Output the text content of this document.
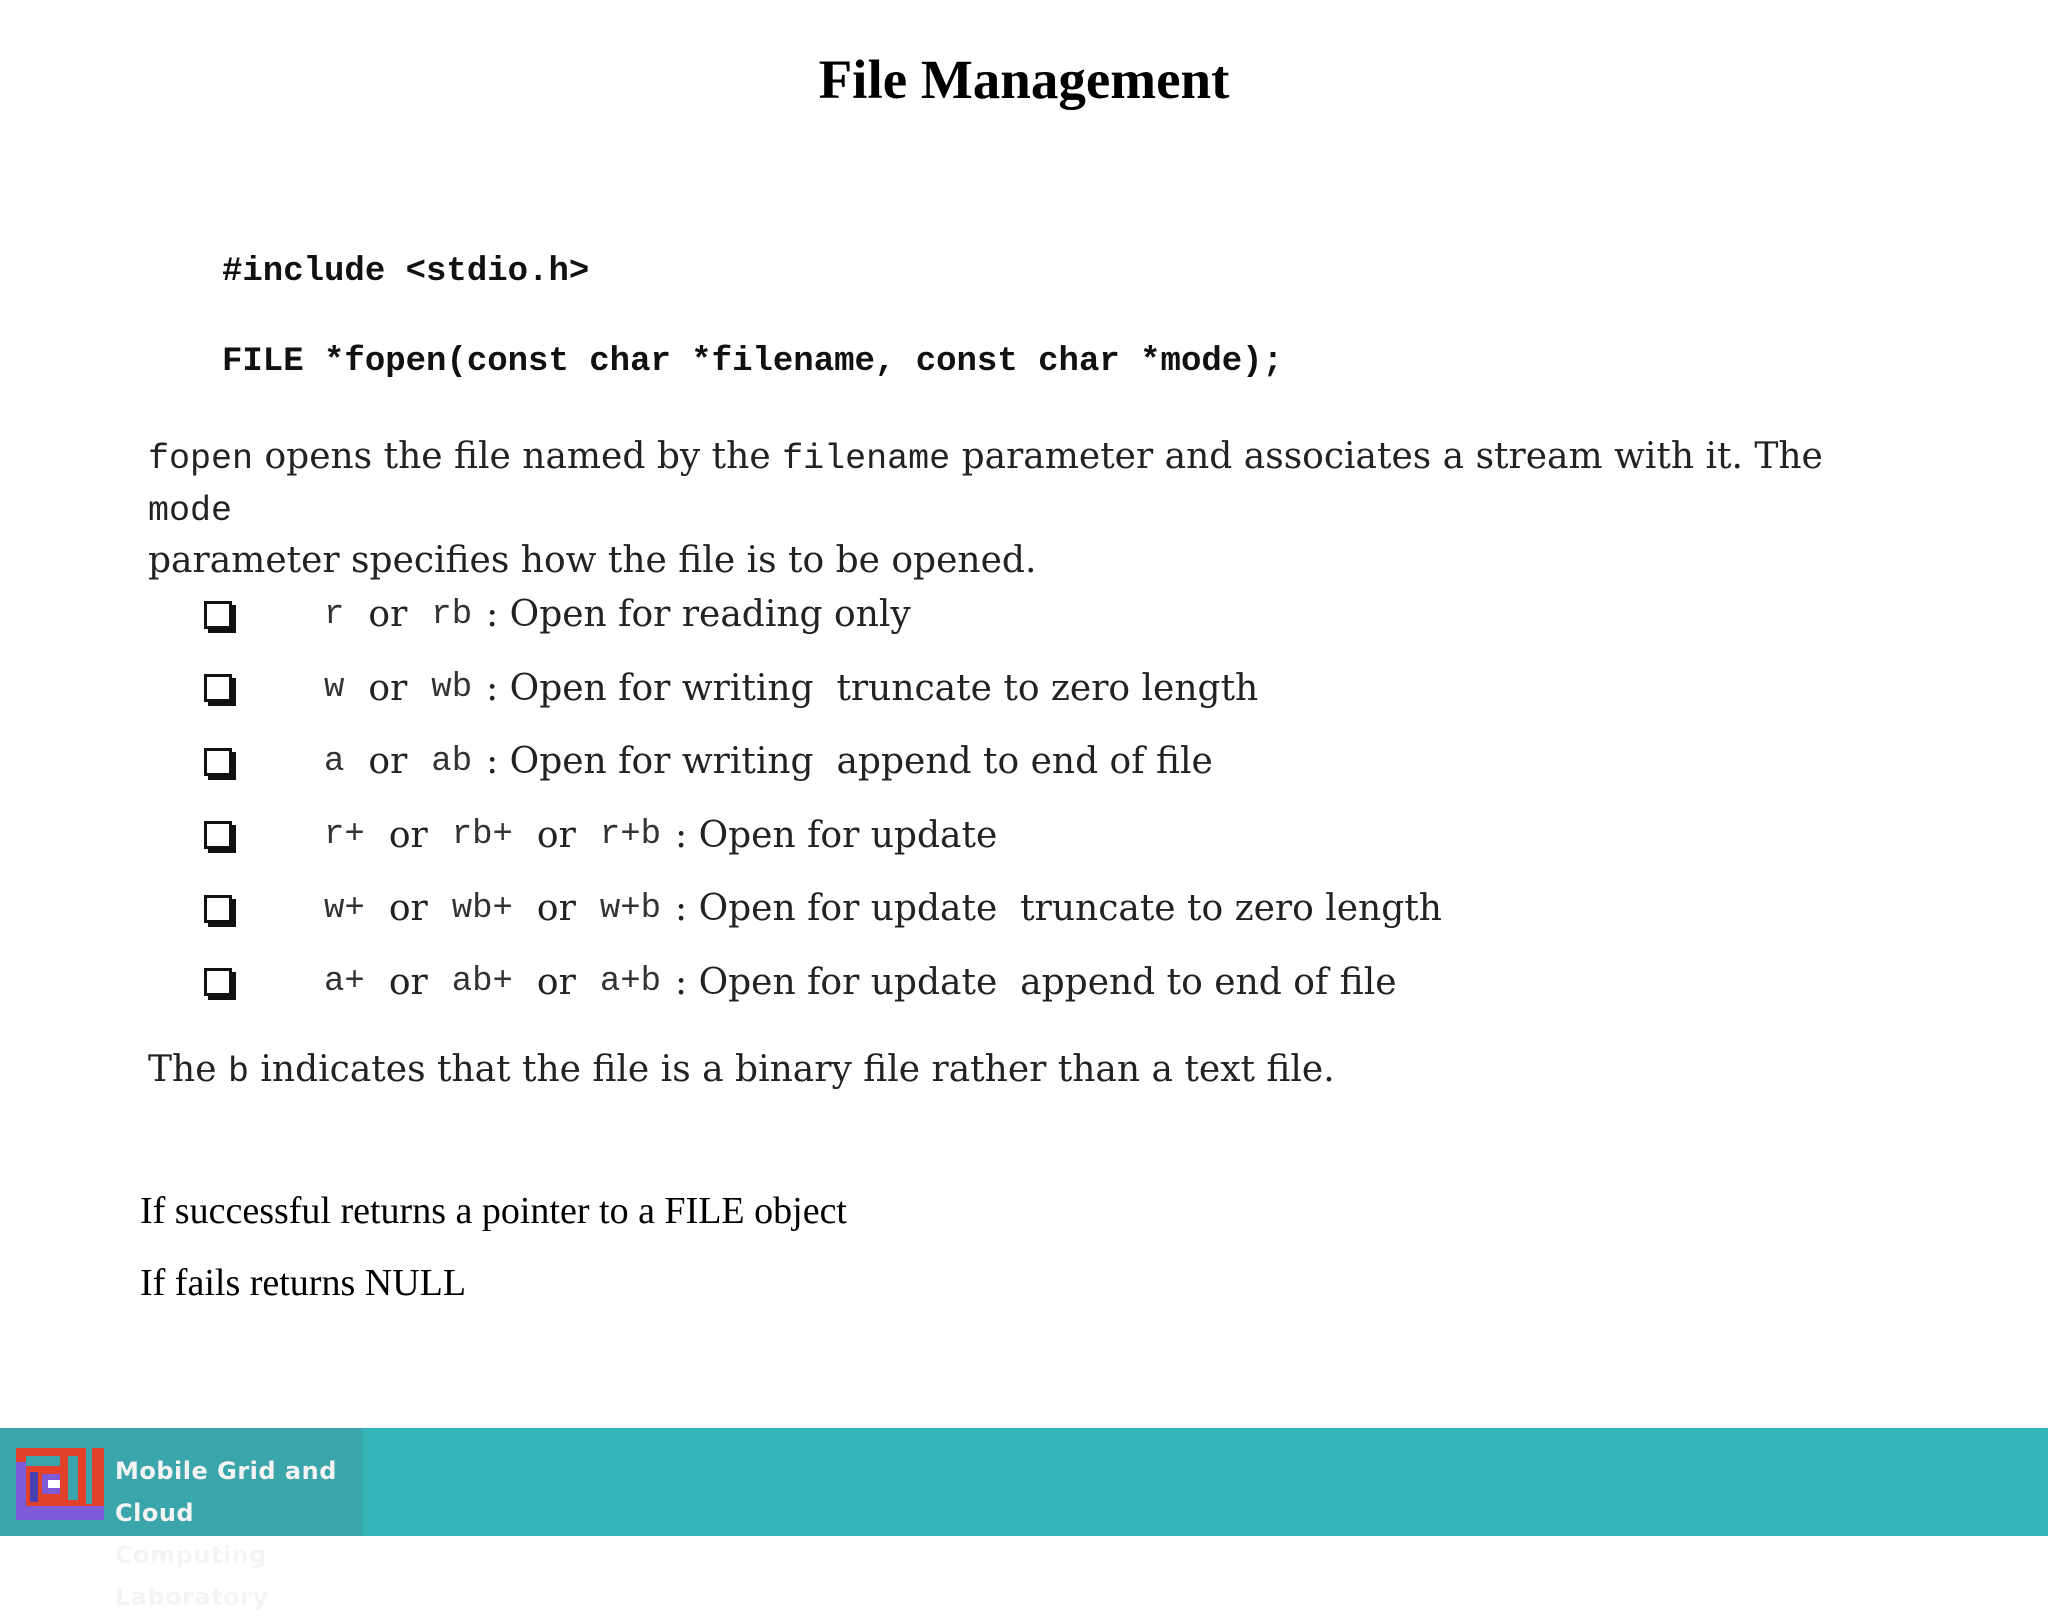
File Management
#include <stdio.h>
FILE *fopen(const char *filename, const char *mode);

fopen opens the file named by the filename parameter and associates a stream with it. The mode
parameter specifies how the file is to be opened.

r or rb : Open for reading only
w or wb : Open for writing  truncate to zero length
a or ab : Open for writing  append to end of file
r+ or rb+ or r+b : Open for update
w+ or wb+ or w+b : Open for update  truncate to zero length
a+ or ab+ or a+b : Open for update  append to end of file

The b indicates that the file is a binary file rather than a text file.

If successful returns a pointer to a FILE object
If fails returns NULL
Mobile Grid and Cloud
Computing Laboratory
